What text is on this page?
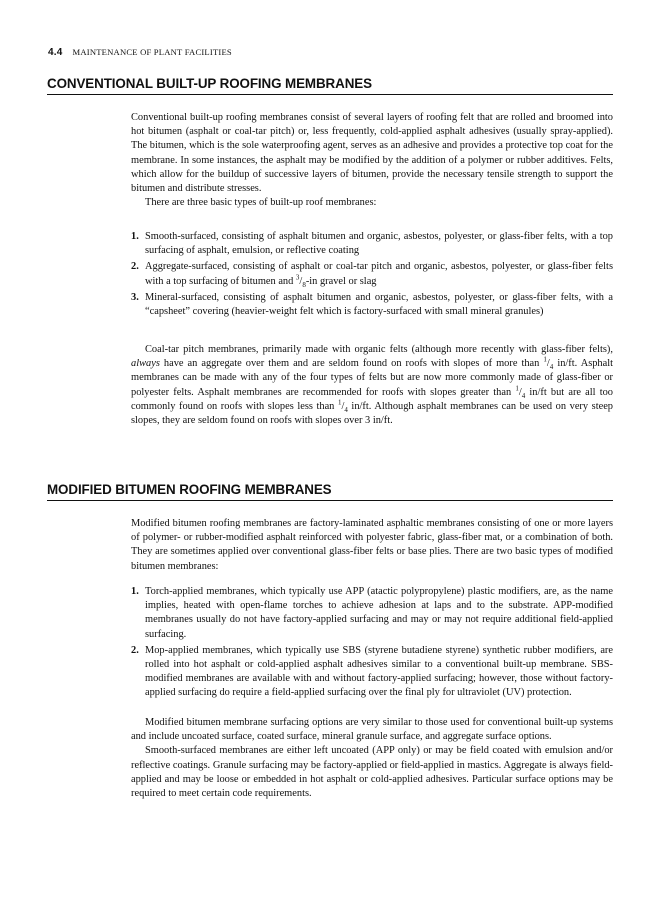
4.4 MAINTENANCE OF PLANT FACILITIES
CONVENTIONAL BUILT-UP ROOFING MEMBRANES

Conventional built-up roofing membranes consist of several layers of roofing felt that are rolled and broomed into hot bitumen (asphalt or coal-tar pitch) or, less frequently, cold-applied asphalt adhesives (usually spray-applied). The bitumen, which is the sole waterproofing agent, serves as an adhesive and provides a protective top coat for the membrane. In some instances, the asphalt may be modified by the addition of a polymer or rubber additives. Felts, which allow for the buildup of successive layers of bitumen, provide the necessary tensile strength to support the bitumen and distribute stresses.

There are three basic types of built-up roof membranes:

1. Smooth-surfaced, consisting of asphalt bitumen and organic, asbestos, polyester, or glass-fiber felts, with a top surfacing of asphalt, emulsion, or reflective coating
2. Aggregate-surfaced, consisting of asphalt or coal-tar pitch and organic, asbestos, polyester, or glass-fiber felts with a top surfacing of bitumen and $^3/_8-in$ gravel or slag
3. Mineral-surfaced, consisting of asphalt bitumen and organic, asbestos, polyester, or glass-fiber felts, with a “capsheet” covering (heavier-weight felt which is factory-surfaced with small mineral granules)

Coal-tar pitch membranes, primarily made with organic felts (although more recently with glass-fiber felts), always have an aggregate over them and are seldom found on roofs with slopes of more than $^1/_4$ in/ft. Asphalt membranes can be made with any of the four types of felts but are now more commonly made of glass-fiber or polyester felts. Asphalt membranes are recommended for roofs with slopes greater than $^1/_4$ in/ft but are all too commonly found on roofs with slopes less than $^1/_4$ in/ft. Although asphalt membranes can be used on very steep slopes, they are seldom found on roofs with slopes over 3 in/ft.

MODIFIED BITUMEN ROOFING MEMBRANES

Modified bitumen roofing membranes are factory-laminated asphaltic membranes consisting of one or more layers of polymer- or rubber-modified asphalt reinforced with polyester fabric, glass-fiber mat, or a combination of both. They are sometimes applied over conventional glass-fiber felts or base plies. There are two basic types of modified bitumen membranes:

1. Torch-applied membranes, which typically use APP (atactic polypropylene) plastic modifiers, are, as the name implies, heated with open-flame torches to achieve adhesion at laps and to the substrate. APP-modified membranes usually do not have factory-applied surfacing and may or may not require additional field-applied surfacing.
2. Mop-applied membranes, which typically use SBS (styrene butadiene styrene) synthetic rubber modifiers, are rolled into hot asphalt or cold-applied asphalt adhesives similar to a conventional built-up membrane. SBS-modified membranes are available with and without factory-applied surfacing; however, those without factory-applied surfacing do require a field-applied surfacing over the final ply for ultraviolet (UV) protection.

Modified bitumen membrane surfacing options are very similar to those used for conventional built-up systems and include uncoated surface, coated surface, mineral granule surface, and aggregate surface options.

Smooth-surfaced membranes are either left uncoated (APP only) or may be field coated with emulsion and/or reflective coatings. Granule surfacing may be factory-applied or field-applied in mastics. Aggregate is always field-applied and may be loose or embedded in hot asphalt or cold-applied adhesives. Particular surface options may be required to meet certain code requirements.
